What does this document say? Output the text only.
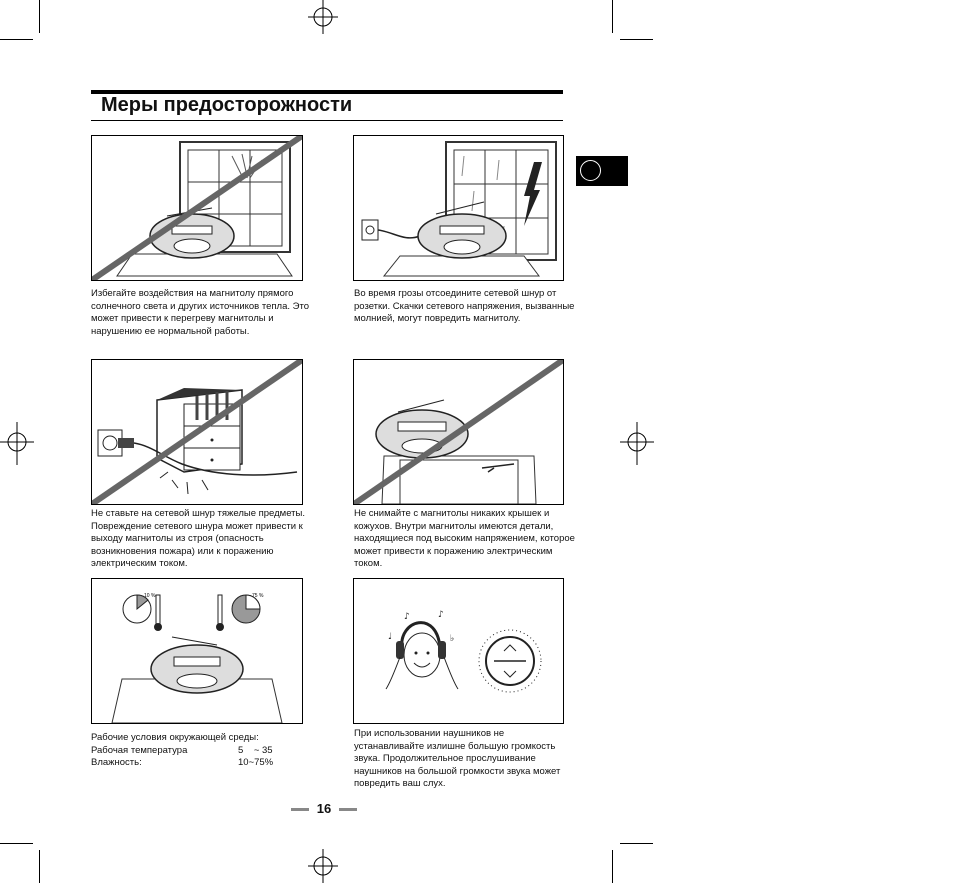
Меры предосторожности
Избегайте воздействия на магнитолу прямого солнечного света и других источников тепла. Это может привести к перегреву магнитолы и нарушению ее нормальной работы.
Во время грозы отсоедините сетевой шнур от розетки. Скачки сетевого напряжения, вызванные молнией, могут повредить магнитолу.
Не ставьте на сетевой шнур тяжелые предметы. Повреждение сетевого шнура может привести к выходу магнитолы из строя (опасность возникновения пожара) или к поражению электрическим током.
Не снимайте с магнитолы никаких крышек и кожухов. Внутри магнитолы имеются детали, находящиеся под высоким напряжением, которое может привести к поражению электрическим током.
10 %	75 %
Рабочие условия окружающей среды:
Рабочая температура	5    ~ 35
Влажность:	10~75%
♪	♪
♩	♭
При использовании наушников не устанавливайте излишне большую громкость звука. Продолжительное прослушивание наушников на большой громкости звука может повредить ваш слух.
16
